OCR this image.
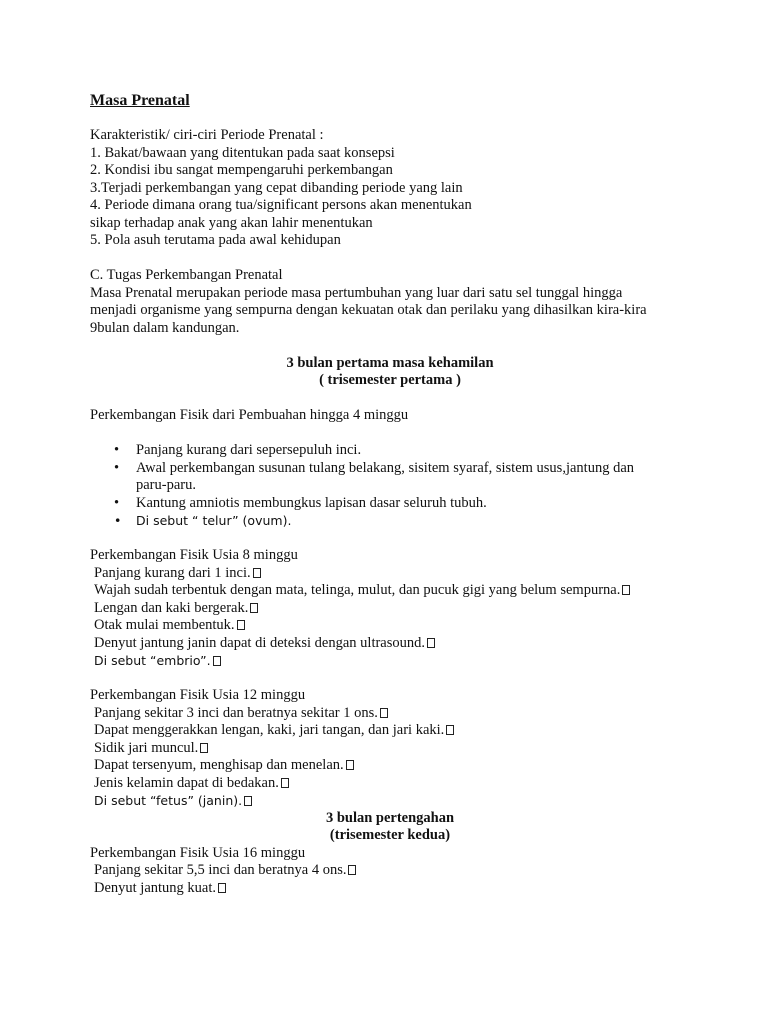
Masa Prenatal
Karakteristik/ ciri-ciri Periode Prenatal :
1. Bakat/bawaan yang ditentukan pada saat konsepsi
2. Kondisi ibu sangat mempengaruhi perkembangan
3.Terjadi perkembangan yang cepat dibanding periode yang lain
4. Periode dimana orang tua/significant persons akan menentukan
sikap terhadap anak yang akan lahir menentukan
5. Pola asuh terutama pada awal kehidupan
C. Tugas Perkembangan Prenatal
Masa Prenatal merupakan periode masa pertumbuhan yang luar dari satu sel tunggal hingga
menjadi organisme yang sempurna dengan kekuatan otak dan perilaku yang dihasilkan kira-kira
9bulan dalam kandungan.
3 bulan pertama masa kehamilan
( trisemester pertama )
Perkembangan Fisik dari Pembuahan hingga 4 minggu
• Panjang kurang dari sepersepuluh inci.
• Awal perkembangan susunan tulang belakang, sisitem syaraf, sistem usus,jantung dan
paru-paru.
• Kantung amniotis membungkus lapisan dasar seluruh tubuh.
• Di sebut “ telur” (ovum).
Perkembangan Fisik Usia 8 minggu
Panjang kurang dari 1 inci.
Wajah sudah terbentuk dengan mata, telinga, mulut, dan pucuk gigi yang belum sempurna.
Lengan dan kaki bergerak.
Otak mulai membentuk.
Denyut jantung janin dapat di deteksi dengan ultrasound.
Di sebut “embrio”.
Perkembangan Fisik Usia 12 minggu
Panjang sekitar 3 inci dan beratnya sekitar 1 ons.
Dapat menggerakkan lengan, kaki, jari tangan, dan jari kaki.
Sidik jari muncul.
Dapat tersenyum, menghisap dan menelan.
Jenis kelamin dapat di bedakan.
Di sebut “fetus” (janin).
3 bulan pertengahan
(trisemester kedua)
Perkembangan Fisik Usia 16 minggu
Panjang sekitar 5,5 inci dan beratnya 4 ons.
Denyut jantung kuat.
